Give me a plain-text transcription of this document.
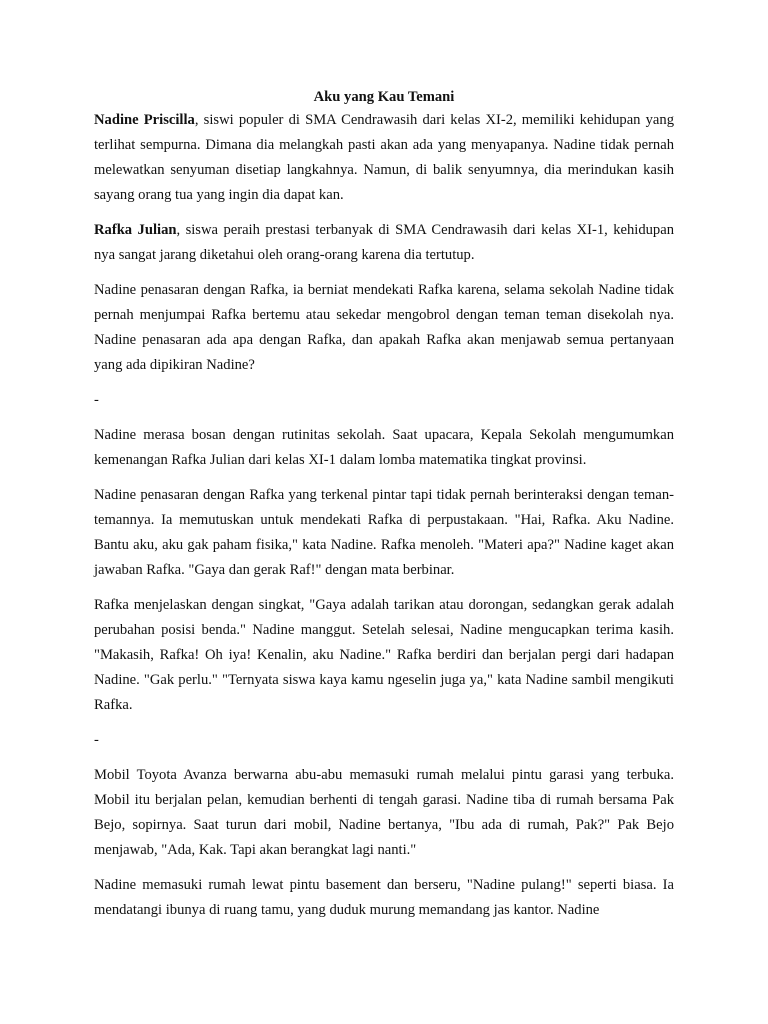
Aku yang Kau Temani

Nadine Priscilla, siswi populer di SMA Cendrawasih dari kelas XI-2, memiliki kehidupan yang terlihat sempurna. Dimana dia melangkah pasti akan ada yang menyapanya. Nadine tidak pernah melewatkan senyuman disetiap langkahnya. Namun, di balik senyumnya, dia merindukan kasih sayang orang tua yang ingin dia dapat kan.

Rafka Julian, siswa peraih prestasi terbanyak di SMA Cendrawasih dari kelas XI-1, kehidupan nya sangat jarang diketahui oleh orang-orang karena dia tertutup.

Nadine penasaran dengan Rafka, ia berniat mendekati Rafka karena, selama sekolah Nadine tidak pernah menjumpai Rafka bertemu atau sekedar mengobrol dengan teman teman disekolah nya. Nadine penasaran ada apa dengan Rafka, dan apakah Rafka akan menjawab semua pertanyaan yang ada dipikiran Nadine?

-

Nadine merasa bosan dengan rutinitas sekolah. Saat upacara, Kepala Sekolah mengumumkan kemenangan Rafka Julian dari kelas XI-1 dalam lomba matematika tingkat provinsi.

Nadine penasaran dengan Rafka yang terkenal pintar tapi tidak pernah berinteraksi dengan teman-temannya. Ia memutuskan untuk mendekati Rafka di perpustakaan. "Hai, Rafka. Aku Nadine. Bantu aku, aku gak paham fisika," kata Nadine. Rafka menoleh. "Materi apa?" Nadine kaget akan jawaban Rafka. "Gaya dan gerak Raf!" dengan mata berbinar.

Rafka menjelaskan dengan singkat, "Gaya adalah tarikan atau dorongan, sedangkan gerak adalah perubahan posisi benda." Nadine manggut. Setelah selesai, Nadine mengucapkan terima kasih. "Makasih, Rafka! Oh iya! Kenalin, aku Nadine." Rafka berdiri dan berjalan pergi dari hadapan Nadine. "Gak perlu." "Ternyata siswa kaya kamu ngeselin juga ya," kata Nadine sambil mengikuti Rafka.

-

Mobil Toyota Avanza berwarna abu-abu memasuki rumah melalui pintu garasi yang terbuka. Mobil itu berjalan pelan, kemudian berhenti di tengah garasi. Nadine tiba di rumah bersama Pak Bejo, sopirnya. Saat turun dari mobil, Nadine bertanya, "Ibu ada di rumah, Pak?" Pak Bejo menjawab, "Ada, Kak. Tapi akan berangkat lagi nanti."

Nadine memasuki rumah lewat pintu basement dan berseru, "Nadine pulang!" seperti biasa. Ia mendatangi ibunya di ruang tamu, yang duduk murung memandang jas kantor. Nadine
